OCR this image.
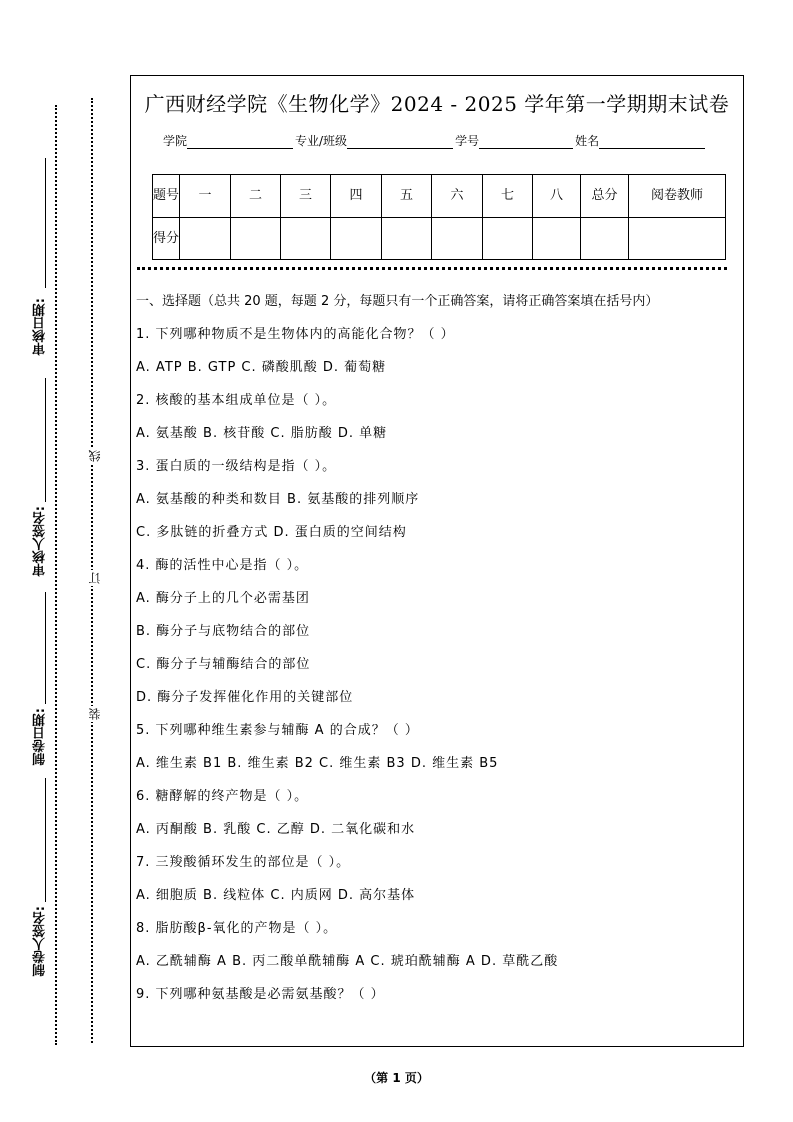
审核日期:
审核人签名:
制卷日期:
制卷人签名:
线
订
装
广西财经学院《生物化学》2024 - 2025 学年第一学期期末试卷
学院	专业/班级	学号	姓名
题号	一	二	三	四	五	六	七	八	总分	阅卷教师
得分										
一、选择题（总共 20 题，每题 2 分，每题只有一个正确答案，请将正确答案填在括号内）
1. 下列哪种物质不是生物体内的高能化合物？（ ）
A. ATP B. GTP C. 磷酸肌酸 D. 葡萄糖
2. 核酸的基本组成单位是（ ）。
A. 氨基酸 B. 核苷酸 C. 脂肪酸 D. 单糖
3. 蛋白质的一级结构是指（ ）。
A. 氨基酸的种类和数目 B. 氨基酸的排列顺序
C. 多肽链的折叠方式 D. 蛋白质的空间结构
4. 酶的活性中心是指（ ）。
A. 酶分子上的几个必需基团
B. 酶分子与底物结合的部位
C. 酶分子与辅酶结合的部位
D. 酶分子发挥催化作用的关键部位
5. 下列哪种维生素参与辅酶 A 的合成？（ ）
A. 维生素 B1 B. 维生素 B2 C. 维生素 B3 D. 维生素 B5
6. 糖酵解的终产物是（ ）。
A. 丙酮酸 B. 乳酸 C. 乙醇 D. 二氧化碳和水
7. 三羧酸循环发生的部位是（ ）。
A. 细胞质 B. 线粒体 C. 内质网 D. 高尔基体
8. 脂肪酸β-氧化的产物是（ ）。
A. 乙酰辅酶 A B. 丙二酸单酰辅酶 A C. 琥珀酰辅酶 A D. 草酰乙酸
9. 下列哪种氨基酸是必需氨基酸？（ ）
（第 1 页）
